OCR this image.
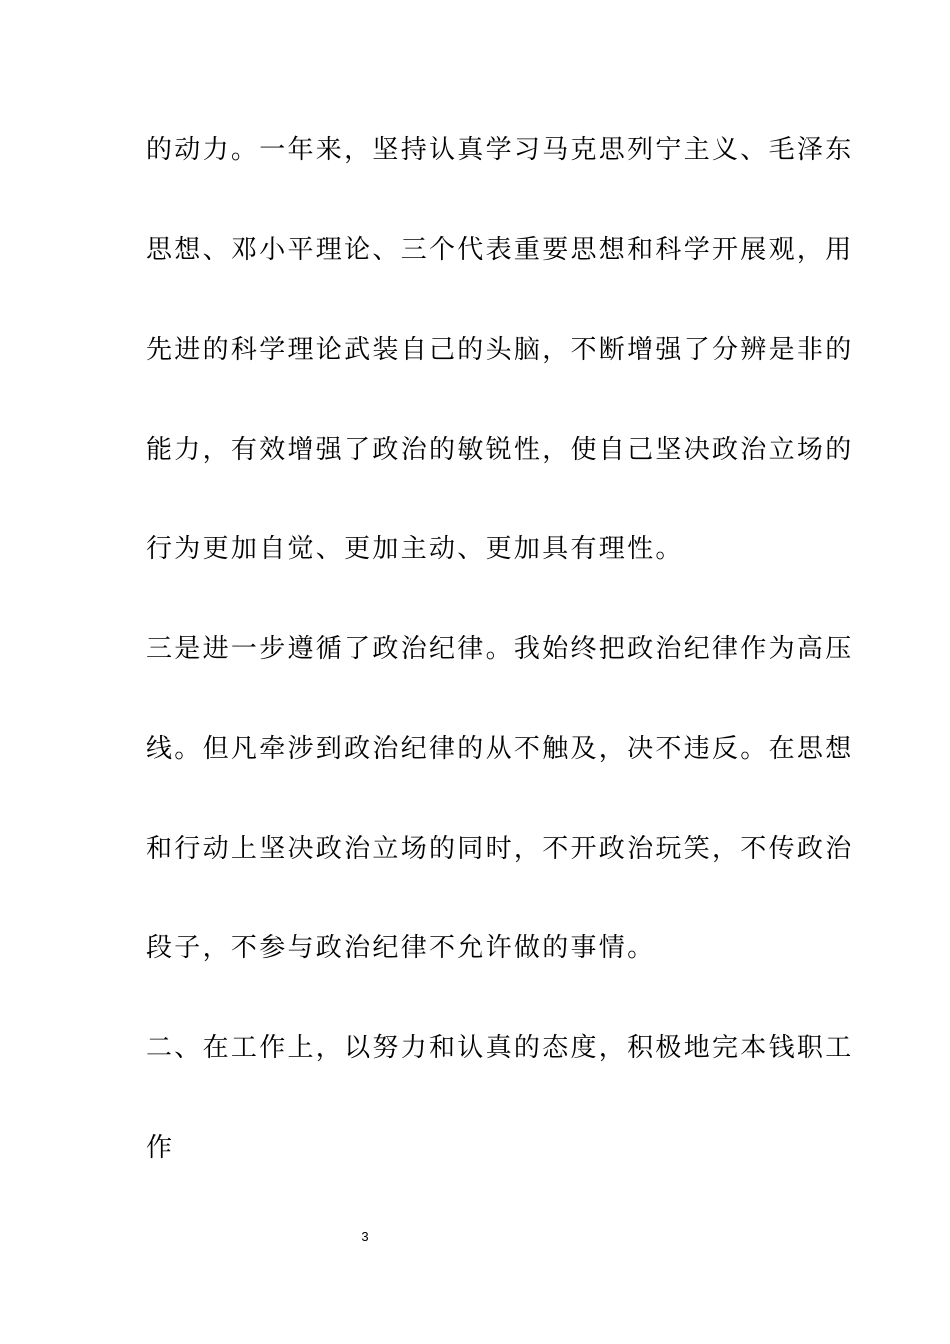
的动力。一年来，坚持认真学习马克思列宁主义、毛泽东
思想、邓小平理论、三个代表重要思想和科学开展观，用
先进的科学理论武装自己的头脑，不断增强了分辨是非的
能力，有效增强了政治的敏锐性，使自己坚决政治立场的
行为更加自觉、更加主动、更加具有理性。
三是进一步遵循了政治纪律。我始终把政治纪律作为高压
线。但凡牵涉到政治纪律的从不触及，决不违反。在思想
和行动上坚决政治立场的同时，不开政治玩笑，不传政治
段子，不参与政治纪律不允许做的事情。
二、在工作上，以努力和认真的态度，积极地完本钱职工
作
3
